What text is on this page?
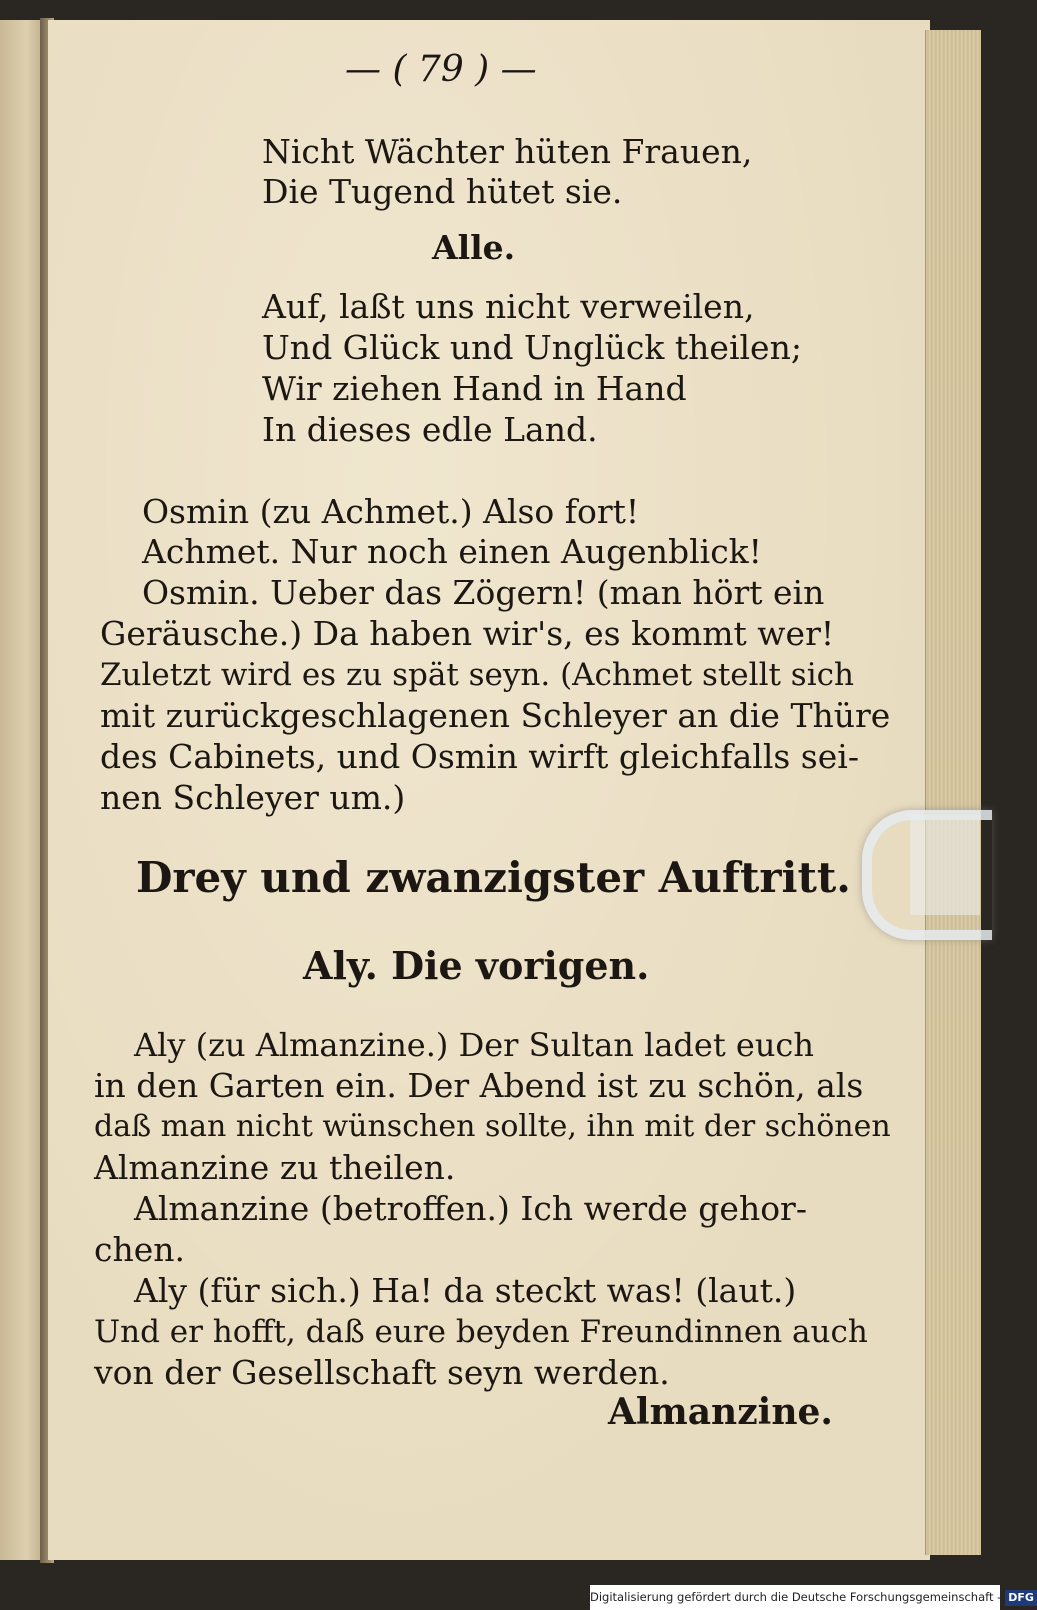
— ( 79 ) —
Nicht Wächter hüten Frauen,
Die Tugend hütet sie.
Alle.
Auf, laßt uns nicht verweilen,
Und Glück und Unglück theilen;
Wir ziehen Hand in Hand
In dieses edle Land.
Osmin (zu Achmet.) Also fort!
Achmet. Nur noch einen Augenblick!
Osmin. Ueber das Zögern! (man hört ein
Geräusche.) Da haben wir's, es kommt wer!
Zuletzt wird es zu spät seyn. (Achmet stellt sich
mit zurückgeschlagenen Schleyer an die Thüre
des Cabinets, und Osmin wirft gleichfalls sei-
nen Schleyer um.)
Drey und zwanzigster Auftritt.
Aly. Die vorigen.
Aly (zu Almanzine.) Der Sultan ladet euch
in den Garten ein. Der Abend ist zu schön, als
daß man nicht wünschen sollte, ihn mit der schönen
Almanzine zu theilen.
Almanzine (betroffen.) Ich werde gehor-
chen.
Aly (für sich.) Ha! da steckt was! (laut.)
Und er hofft, daß eure beyden Freundinnen auch
von der Gesellschaft seyn werden.
Almanzine.
Digitalisierung gefördert durch die Deutsche Forschungsgemeinschaft - DFG
